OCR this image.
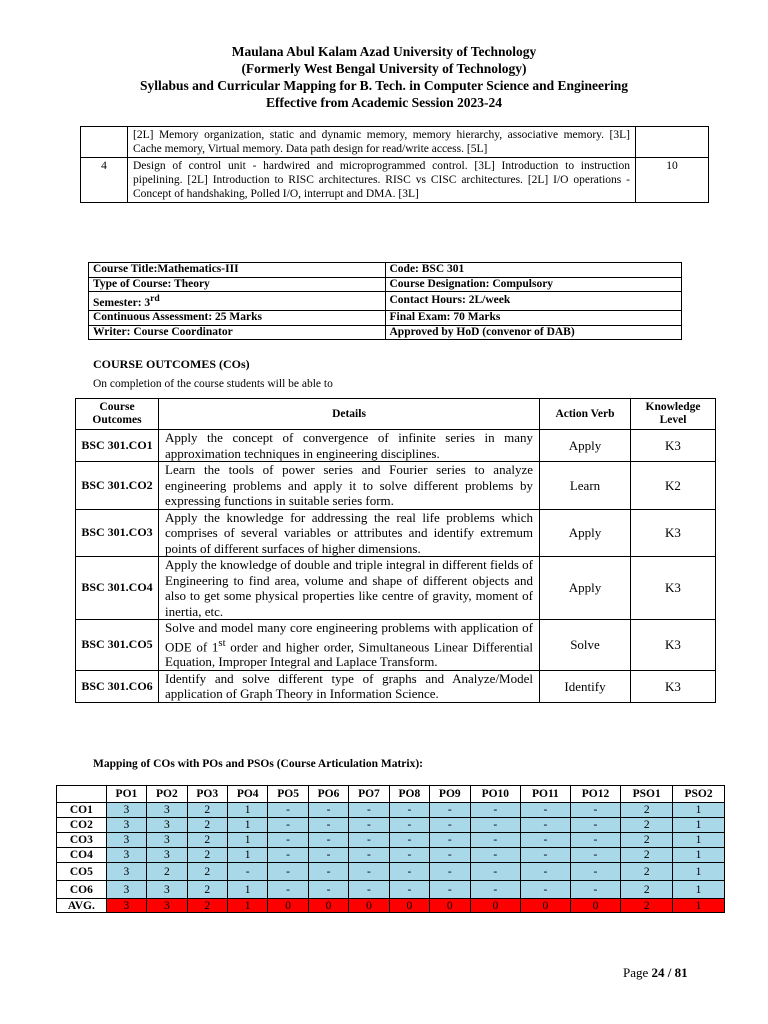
Maulana Abul Kalam Azad University of Technology
(Formerly West Bengal University of Technology)
Syllabus and Curricular Mapping for B. Tech. in Computer Science and Engineering
Effective from Academic Session 2023-24
	[2L] Memory organization, static and dynamic memory, memory hierarchy, associative memory. [3L] Cache memory, Virtual memory. Data path design for read/write access. [5L]	
4	Design of control unit - hardwired and microprogrammed control. [3L] Introduction to instruction pipelining. [2L] Introduction to RISC architectures. RISC vs CISC architectures. [2L] I/O operations - Concept of handshaking, Polled I/O, interrupt and DMA. [3L]	10
Course Title:Mathematics-III	Code: BSC 301
Type of Course: Theory	Course Designation: Compulsory
Semester: 3rd	Contact Hours: 2L/week
Continuous Assessment: 25 Marks	Final Exam: 70 Marks
Writer: Course Coordinator	Approved by HoD (convenor of DAB)
COURSE OUTCOMES (COs)
On completion of the course students will be able to
Course Outcomes	Details	Action Verb	Knowledge Level
BSC 301.CO1	Apply the concept of convergence of infinite series in many approximation techniques in engineering disciplines.	Apply	K3
BSC 301.CO2	Learn the tools of power series and Fourier series to analyze engineering problems and apply it to solve different problems by expressing functions in suitable series form.	Learn	K2
BSC 301.CO3	Apply the knowledge for addressing the real life problems which comprises of several variables or attributes and identify extremum points of different surfaces of higher dimensions.	Apply	K3
BSC 301.CO4	Apply the knowledge of double and triple integral in different fields of Engineering to find area, volume and shape of different objects and also to get some physical properties like centre of gravity, moment of inertia, etc.	Apply	K3
BSC 301.CO5	Solve and model many core engineering problems with application of ODE of 1st order and higher order, Simultaneous Linear Differential Equation, Improper Integral and Laplace Transform.	Solve	K3
BSC 301.CO6	Identify and solve different type of graphs and Analyze/Model application of Graph Theory in Information Science.	Identify	K3
Mapping of COs with POs and PSOs (Course Articulation Matrix):
	PO1	PO2	PO3	PO4	PO5	PO6	PO7	PO8	PO9	PO10	PO11	PO12	PSO1	PSO2
CO1	3	3	2	1	-	-	-	-	-	-	-	-	2	1
CO2	3	3	2	1	-	-	-	-	-	-	-	-	2	1
CO3	3	3	2	1	-	-	-	-	-	-	-	-	2	1
CO4	3	3	2	1	-	-	-	-	-	-	-	-	2	1
CO5	3	2	2	-	-	-	-	-	-	-	-	-	2	1
CO6	3	3	2	1	-	-	-	-	-	-	-	-	2	1
AVG.	3	3	2	1	0	0	0	0	0	0	0	0	2	1
Page 24 / 81
